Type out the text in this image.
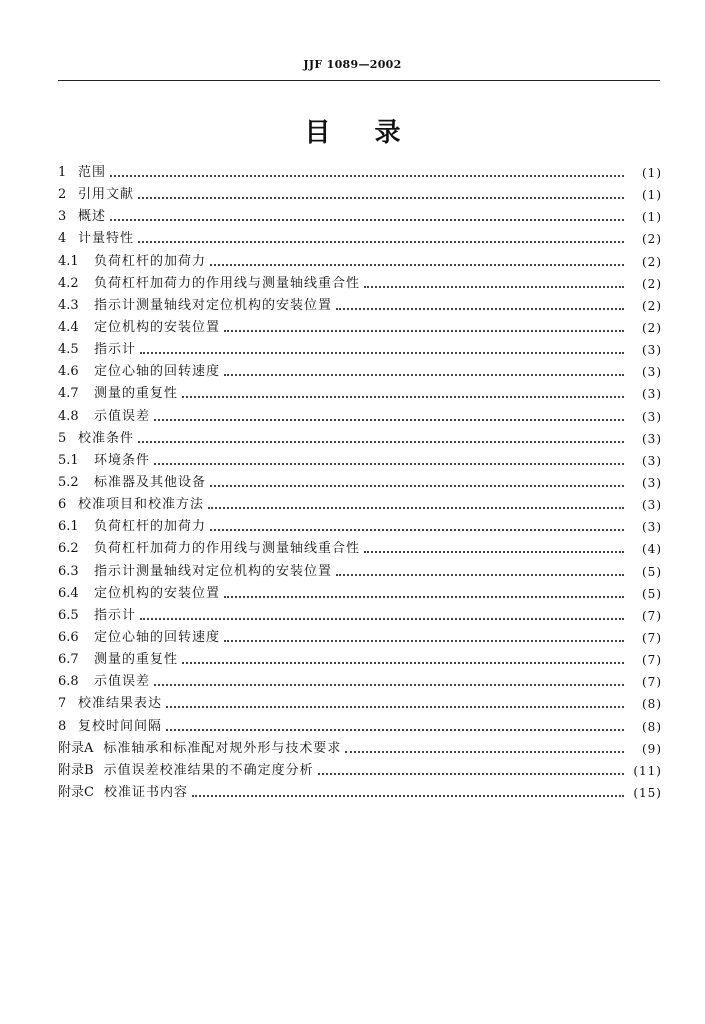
JJF 1089—2002
目录
1 范围	(1)
2 引用文献	(1)
3 概述	(1)
4 计量特性	(2)
4.1	负荷杠杆的加荷力	(2)
4.2	负荷杠杆加荷力的作用线与测量轴线重合性	(2)
4.3	指示计测量轴线对定位机构的安装位置	(2)
4.4	定位机构的安装位置	(2)
4.5	指示计	(3)
4.6	定位心轴的回转速度	(3)
4.7	测量的重复性	(3)
4.8	示值误差	(3)
5 校准条件	(3)
5.1	环境条件	(3)
5.2	标准器及其他设备	(3)
6 校准项目和校准方法	(3)
6.1	负荷杠杆的加荷力	(3)
6.2	负荷杠杆加荷力的作用线与测量轴线重合性	(4)
6.3	指示计测量轴线对定位机构的安装位置	(5)
6.4	定位机构的安装位置	(5)
6.5	指示计	(7)
6.6	定位心轴的回转速度	(7)
6.7	测量的重复性	(7)
6.8	示值误差	(7)
7 校准结果表达	(8)
8 复校时间间隔	(8)
附录A 标准轴承和标准配对规外形与技术要求	(9)
附录B 示值误差校准结果的不确定度分析	(11)
附录C 校准证书内容	(15)
